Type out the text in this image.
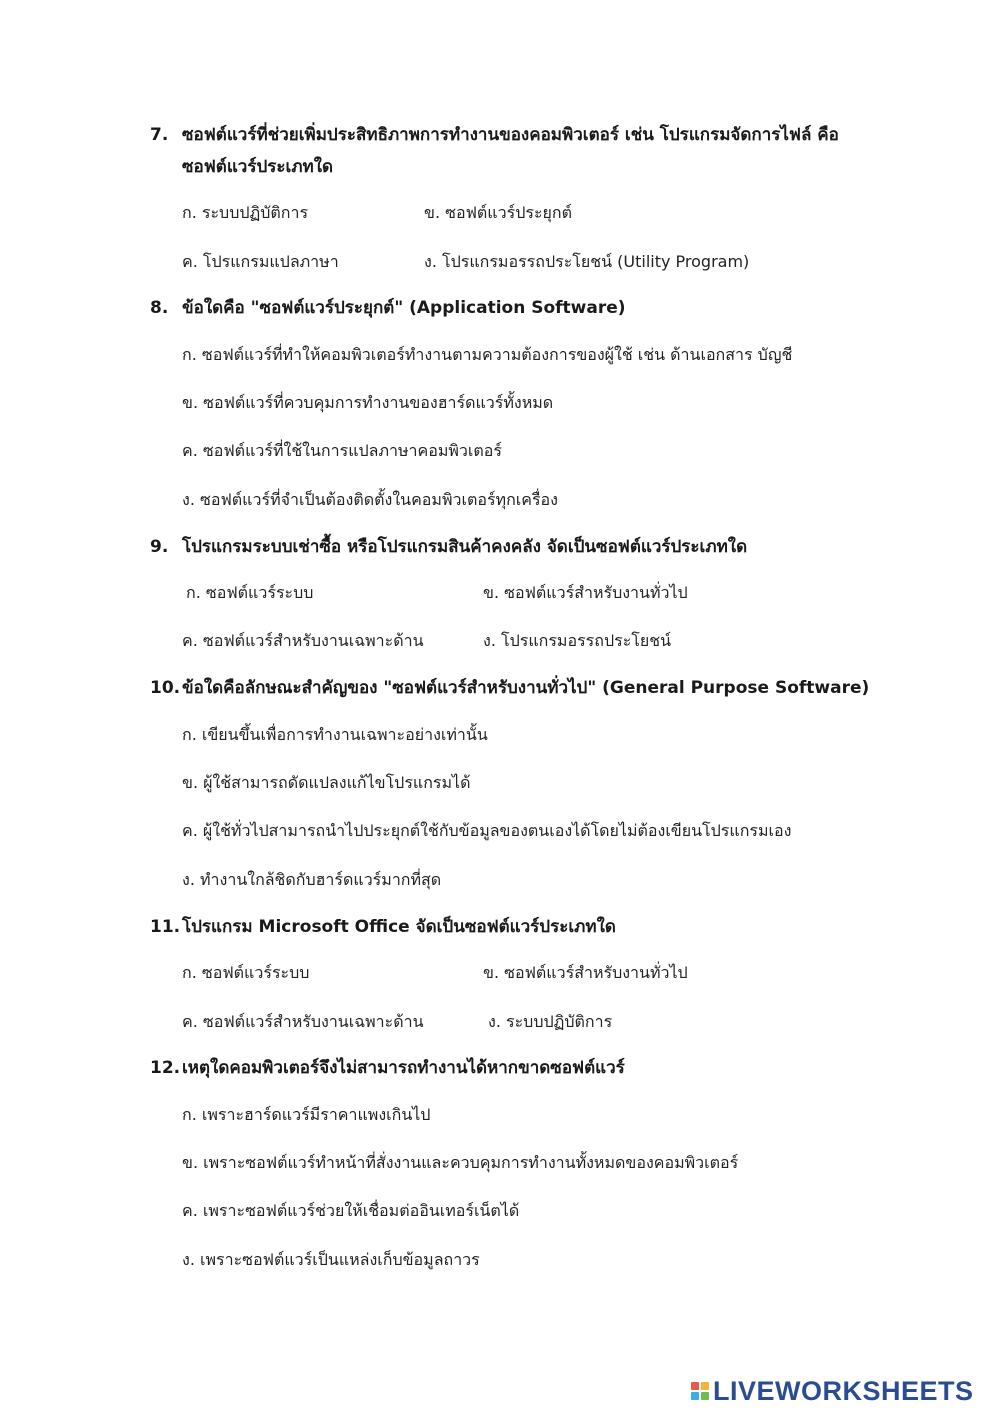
7. ซอฟต์แวร์ที่ช่วยเพิ่มประสิทธิภาพการทำงานของคอมพิวเตอร์ เช่น โปรแกรมจัดการไฟล์ คือ
ซอฟต์แวร์ประเภทใด
ก. ระบบปฏิบัติการ	ข. ซอฟต์แวร์ประยุกต์
ค. โปรแกรมแปลภาษา	ง. โปรแกรมอรรถประโยชน์ (Utility Program)
8. ข้อใดคือ "ซอฟต์แวร์ประยุกต์" (Application Software)
ก. ซอฟต์แวร์ที่ทำให้คอมพิวเตอร์ทำงานตามความต้องการของผู้ใช้ เช่น ด้านเอกสาร บัญชี
ข. ซอฟต์แวร์ที่ควบคุมการทำงานของฮาร์ดแวร์ทั้งหมด
ค. ซอฟต์แวร์ที่ใช้ในการแปลภาษาคอมพิวเตอร์
ง. ซอฟต์แวร์ที่จำเป็นต้องติดตั้งในคอมพิวเตอร์ทุกเครื่อง
9. โปรแกรมระบบเช่าซื้อ หรือโปรแกรมสินค้าคงคลัง จัดเป็นซอฟต์แวร์ประเภทใด
ก. ซอฟต์แวร์ระบบ	ข. ซอฟต์แวร์สำหรับงานทั่วไป
ค. ซอฟต์แวร์สำหรับงานเฉพาะด้าน	ง. โปรแกรมอรรถประโยชน์
10. ข้อใดคือลักษณะสำคัญของ "ซอฟต์แวร์สำหรับงานทั่วไป" (General Purpose Software)
ก. เขียนขึ้นเพื่อการทำงานเฉพาะอย่างเท่านั้น
ข. ผู้ใช้สามารถดัดแปลงแก้ไขโปรแกรมได้
ค. ผู้ใช้ทั่วไปสามารถนำไปประยุกต์ใช้กับข้อมูลของตนเองได้โดยไม่ต้องเขียนโปรแกรมเอง
ง. ทำงานใกล้ชิดกับฮาร์ดแวร์มากที่สุด
11. โปรแกรม Microsoft Office จัดเป็นซอฟต์แวร์ประเภทใด
ก. ซอฟต์แวร์ระบบ	ข. ซอฟต์แวร์สำหรับงานทั่วไป
ค. ซอฟต์แวร์สำหรับงานเฉพาะด้าน	ง. ระบบปฏิบัติการ
12. เหตุใดคอมพิวเตอร์จึงไม่สามารถทำงานได้หากขาดซอฟต์แวร์
ก. เพราะฮาร์ดแวร์มีราคาแพงเกินไป
ข. เพราะซอฟต์แวร์ทำหน้าที่สั่งงานและควบคุมการทำงานทั้งหมดของคอมพิวเตอร์
ค. เพราะซอฟต์แวร์ช่วยให้เชื่อมต่ออินเทอร์เน็ตได้
ง. เพราะซอฟต์แวร์เป็นแหล่งเก็บข้อมูลถาวร
LIVEWORKSHEETS
